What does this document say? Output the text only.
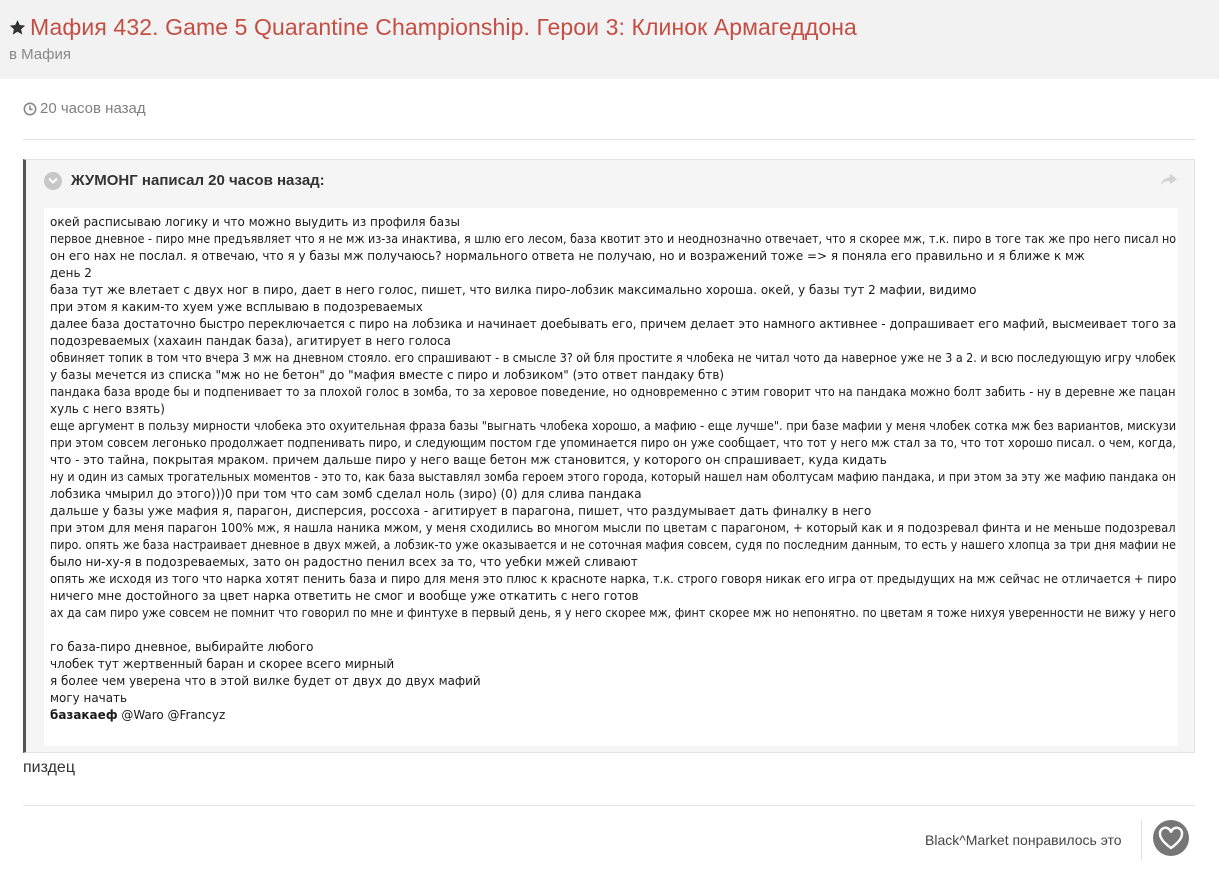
Мафия 432. Game 5 Quarantine Championship. Герои 3: Клинок Армагеддона
в Мафия
20 часов назад
ЖУМОНГ написал 20 часов назад:
окей расписываю логику и что можно выудить из профиля базы
первое дневное - пиро мне предъявляет что я не мж из-за инактива, я шлю его лесом, база квотит это и неоднозначно отвечает, что я скорее мж, т.к. пиро в тоге так же про него писал но
он его нах не послал. я отвечаю, что я у базы мж получаюсь? нормального ответа не получаю, но и возражений тоже => я поняла его правильно и я ближе к мж
день 2
база тут же влетает с двух ног в пиро, дает в него голос, пишет, что вилка пиро-лобзик максимально хороша. окей, у базы тут 2 мафии, видимо
при этом я каким-то хуем уже всплываю в подозреваемых
далее база достаточно быстро переключается с пиро на лобзика и начинает доебывать его, причем делает это намного активнее - допрашивает его мафий, высмеивает того за
подозреваемых (хахаин пандак база), агитирует в него голоса
обвиняет топик в том что вчера 3 мж на дневном стояло. его спрашивают - в смысле 3? ой бля простите я члобека не читал чото да наверное уже не 3 а 2. и всю последующую игру члобек
у базы мечется из списка "мж но не бетон" до "мафия вместе с пиро и лобзиком" (это ответ пандаку бтв)
пандака база вроде бы и подпенивает то за плохой голос в зомба, то за херовое поведение, но одновременно с этим говорит что на пандака можно болт забить - ну в деревне же пацан
хуль с него взять)
еще аргумент в пользу мирности члобека это охуительная фраза базы "выгнать члобека хорошо, а мафию - еще лучше". при базе мафии у меня члобек сотка мж без вариантов, мискузи
при этом совсем легонько продолжает подпенивать пиро, и следующим постом где упоминается пиро он уже сообщает, что тот у него мж стал за то, что тот хорошо писал. о чем, когда,
что - это тайна, покрытая мраком. причем дальше пиро у него ваще бетон мж становится, у которого он спрашивает, куда кидать
ну и один из самых трогательных моментов - это то, как база выставлял зомба героем этого города, который нашел нам оболтусам мафию пандака, и при этом за эту же мафию пандака он
лобзика чмырил до этого)))0 при том что сам зомб сделал ноль (зиро) (0) для слива пандака
дальше у базы уже мафия я, парагон, дисперсия, россоха - агитирует в парагона, пишет, что раздумывает дать финалку в него
при этом для меня парагон 100% мж, я нашла наника мжом, у меня сходились во многом мысли по цветам с парагоном, + который как и я подозревал финта и не меньше подозревал
пиро. опять же база настраивает дневное в двух мжей, а лобзик-то уже оказывается и не соточная мафия совсем, судя по последним данным, то есть у нашего хлопца за три дня мафии не
было ни-ху-я в подозреваемых, зато он радостно пенил всех за то, что уебки мжей сливают
опять же исходя из того что нарка хотят пенить база и пиро для меня это плюс к красноте нарка, т.к. строго говоря никак его игра от предыдущих на мж сейчас не отличается + пиро
ничего мне достойного за цвет нарка ответить не смог и вообще уже откатить с него готов
ах да сам пиро уже совсем не помнит что говорил по мне и финтухе в первый день, я у него скорее мж, финт скорее мж но непонятно. по цветам я тоже нихуя уверенности не вижу у него
го база-пиро дневное, выбирайте любого
члобек тут жертвенный баран и скорее всего мирный
я более чем уверена что в этой вилке будет от двух до двух мафий
могу начать
базакаеф @Waro @Francyz
пиздец
Black^Market понравилось это
